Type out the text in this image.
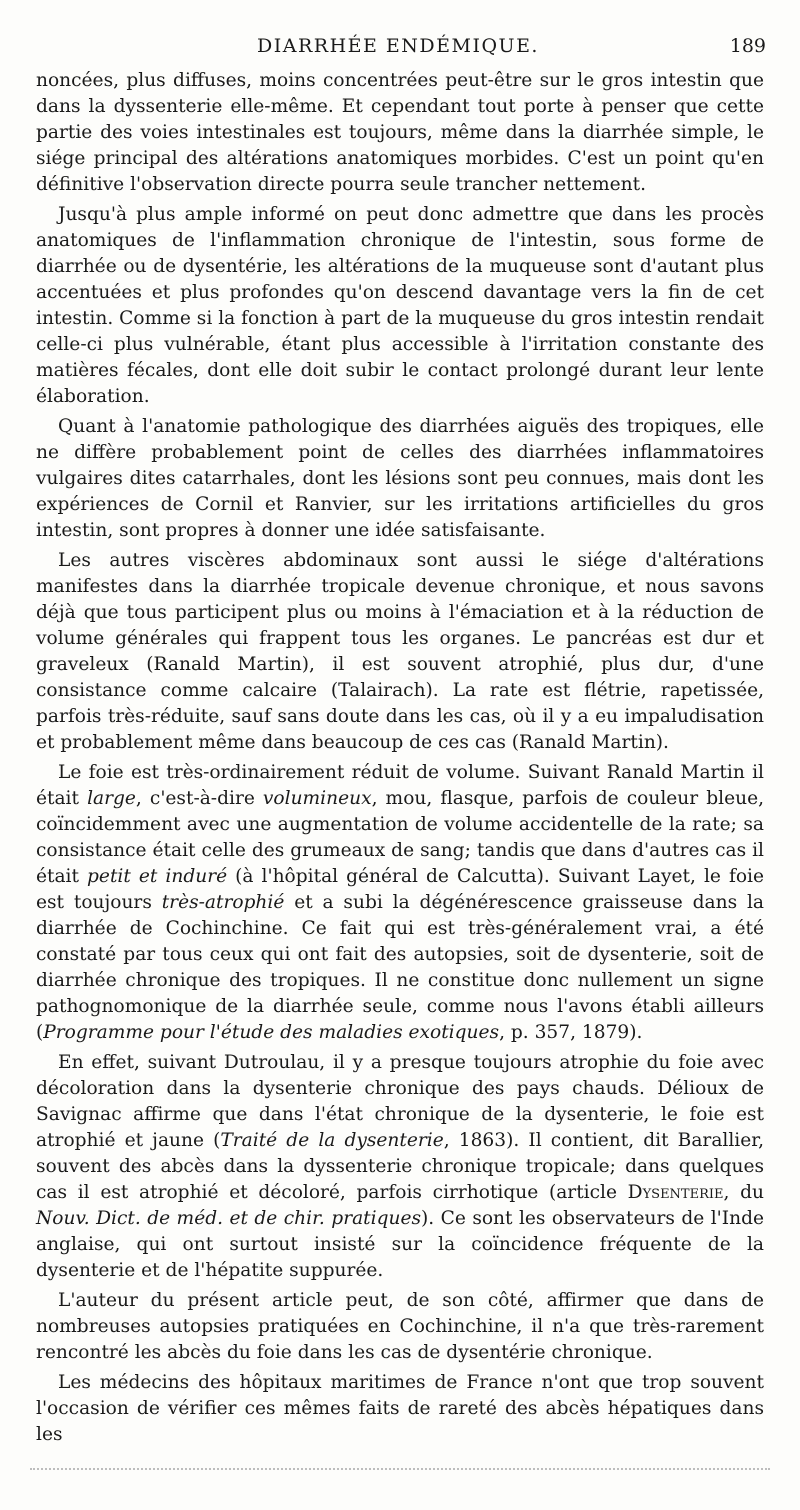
DIARRHÉE ENDÉMIQUE.	189

noncées, plus diffuses, moins concentrées peut-être sur le gros intestin que dans la dyssenterie elle-même. Et cependant tout porte à penser que cette partie des voies intestinales est toujours, même dans la diarrhée simple, le siége principal des altérations anatomiques morbides. C'est un point qu'en définitive l'observation directe pourra seule trancher nettement.

Jusqu'à plus ample informé on peut donc admettre que dans les procès anatomiques de l'inflammation chronique de l'intestin, sous forme de diarrhée ou de dysentérie, les altérations de la muqueuse sont d'autant plus accentuées et plus profondes qu'on descend davantage vers la fin de cet intestin. Comme si la fonction à part de la muqueuse du gros intestin rendait celle-ci plus vulnérable, étant plus accessible à l'irritation constante des matières fécales, dont elle doit subir le contact prolongé durant leur lente élaboration.

Quant à l'anatomie pathologique des diarrhées aiguës des tropiques, elle ne diffère probablement point de celles des diarrhées inflammatoires vulgaires dites catarrhales, dont les lésions sont peu connues, mais dont les expériences de Cornil et Ranvier, sur les irritations artificielles du gros intestin, sont propres à donner une idée satisfaisante.

Les autres viscères abdominaux sont aussi le siége d'altérations manifestes dans la diarrhée tropicale devenue chronique, et nous savons déjà que tous participent plus ou moins à l'émaciation et à la réduction de volume générales qui frappent tous les organes. Le pancréas est dur et graveleux (Ranald Martin), il est souvent atrophié, plus dur, d'une consistance comme calcaire (Talairach). La rate est flétrie, rapetissée, parfois très-réduite, sauf sans doute dans les cas, où il y a eu impaludisation et probablement même dans beaucoup de ces cas (Ranald Martin).

Le foie est très-ordinairement réduit de volume. Suivant Ranald Martin il était large, c'est-à-dire volumineux, mou, flasque, parfois de couleur bleue, coïncidemment avec une augmentation de volume accidentelle de la rate; sa consistance était celle des grumeaux de sang; tandis que dans d'autres cas il était petit et induré (à l'hôpital général de Calcutta). Suivant Layet, le foie est toujours très-atrophié et a subi la dégénérescence graisseuse dans la diarrhée de Cochinchine. Ce fait qui est très-généralement vrai, a été constaté par tous ceux qui ont fait des autopsies, soit de dysenterie, soit de diarrhée chronique des tropiques. Il ne constitue donc nullement un signe pathognomonique de la diarrhée seule, comme nous l'avons établi ailleurs (Programme pour l'étude des maladies exotiques, p. 357, 1879).

En effet, suivant Dutroulau, il y a presque toujours atrophie du foie avec décoloration dans la dysenterie chronique des pays chauds. Délioux de Savignac affirme que dans l'état chronique de la dysenterie, le foie est atrophié et jaune (Traité de la dysenterie, 1863). Il contient, dit Barallier, souvent des abcès dans la dyssenterie chronique tropicale; dans quelques cas il est atrophié et décoloré, parfois cirrhotique (article Dysenterie, du Nouv. Dict. de méd. et de chir. pratiques). Ce sont les observateurs de l'Inde anglaise, qui ont surtout insisté sur la coïncidence fréquente de la dysenterie et de l'hépatite suppurée.

L'auteur du présent article peut, de son côté, affirmer que dans de nombreuses autopsies pratiquées en Cochinchine, il n'a que très-rarement rencontré les abcès du foie dans les cas de dysentérie chronique.

Les médecins des hôpitaux maritimes de France n'ont que trop souvent l'occasion de vérifier ces mêmes faits de rareté des abcès hépatiques dans les
